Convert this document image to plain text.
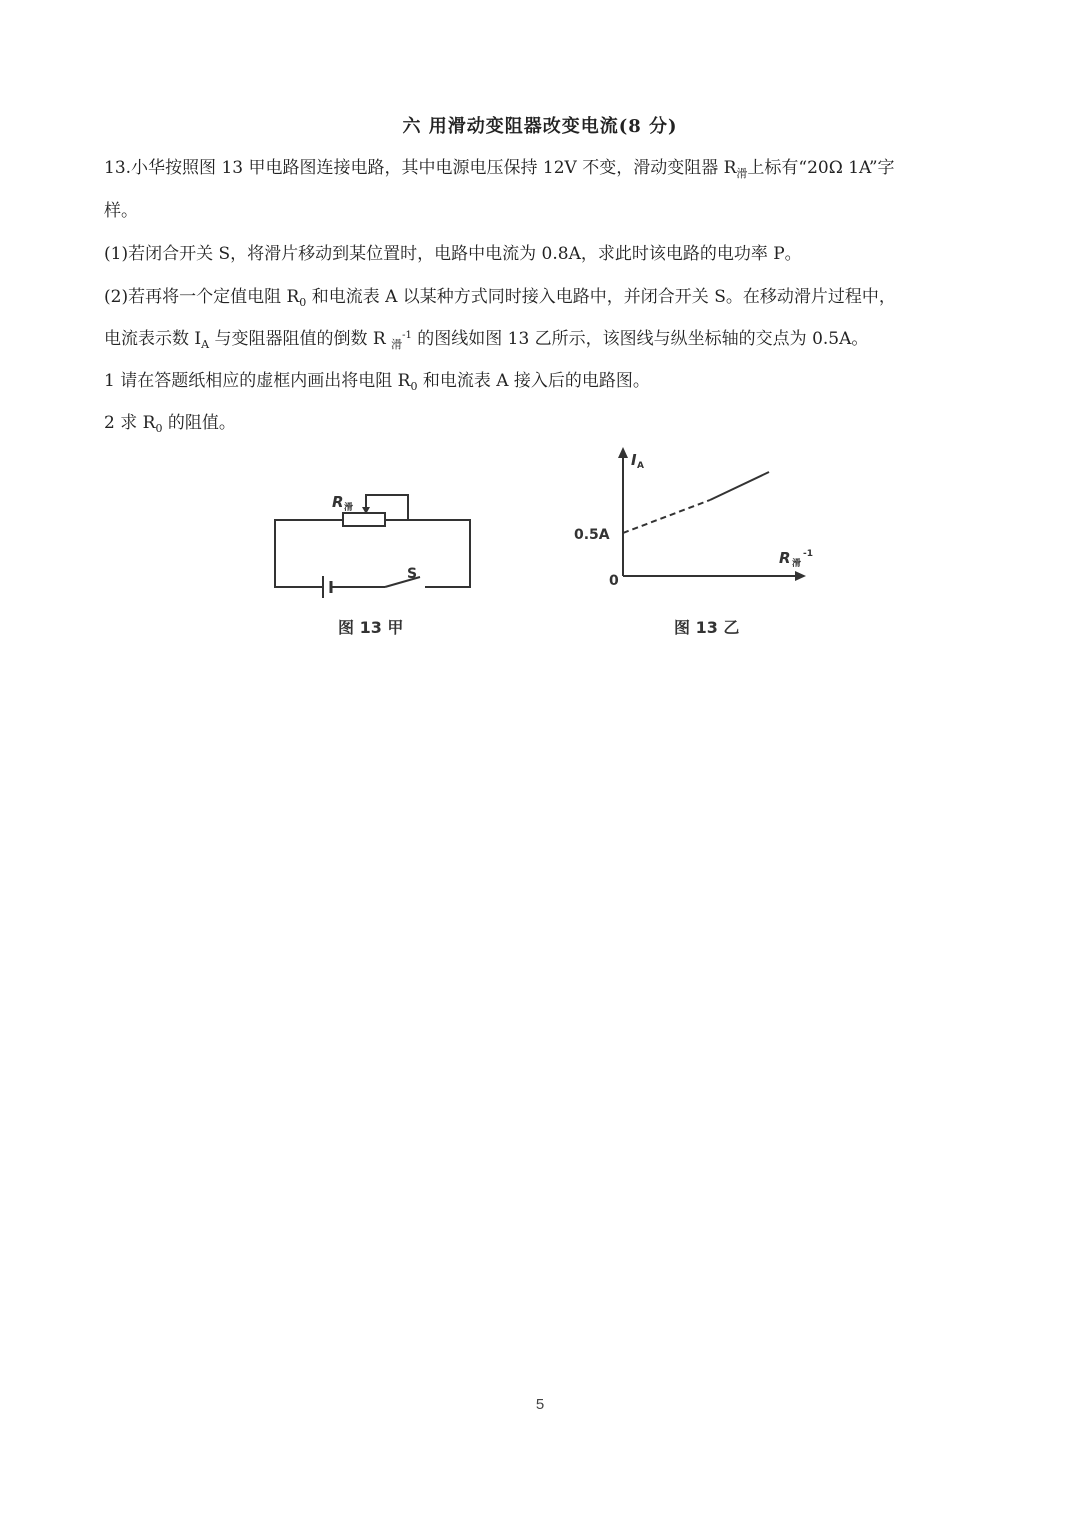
六 用滑动变阻器改变电流(8 分)
13.小华按照图 13 甲电路图连接电路，其中电源电压保持 12V 不变，滑动变阻器 $R_滑$上标有“20Ω 1A”字
样。
(1)若闭合开关 S，将滑片移动到某位置时，电路中电流为 0.8A，求此时该电路的电功率 P。
(2)若再将一个定值电阻 $R_0$ 和电流表 A 以某种方式同时接入电路中，并闭合开关 S。在移动滑片过程中，
电流表示数 $I_A$ 与变阻器阻值的倒数 R $_滑^{-1}$ 的图线如图 13 乙所示，该图线与纵坐标轴的交点为 0.5A。
1 请在答题纸相应的虚框内画出将电阻 $R_0$ 和电流表 A 接入后的电路图。
2 求 $R_0$ 的阻值。
R 滑
S
图 13 甲
I A
R 滑
-1
0.5A
0
图 13 乙
5
